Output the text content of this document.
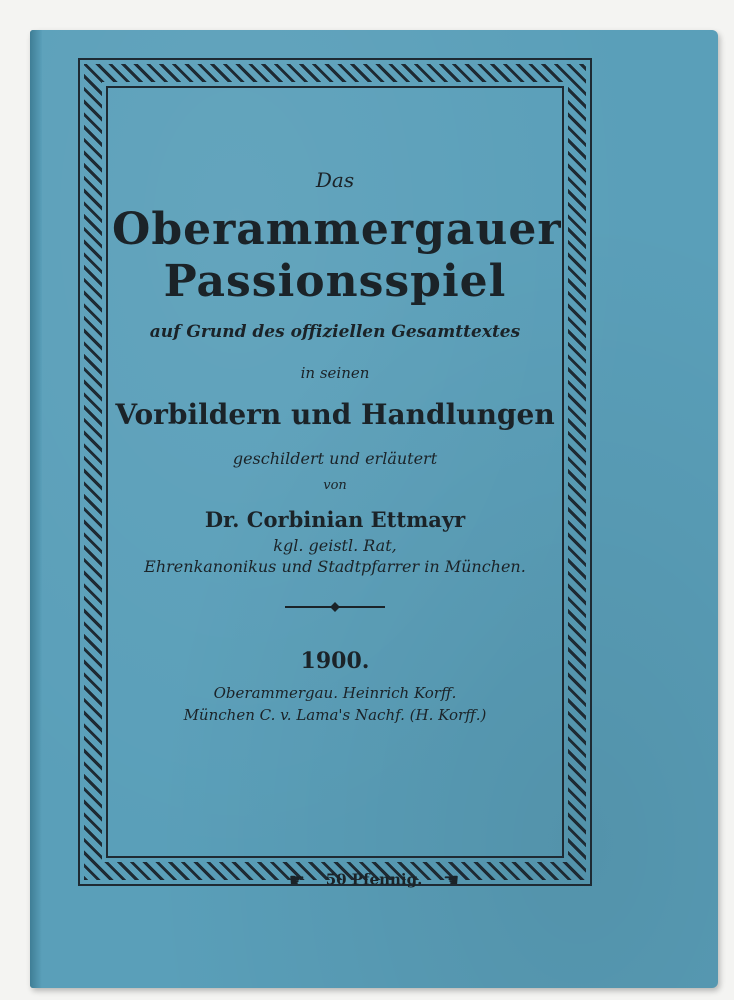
Das
Oberammergauer
Passionsspiel
auf Grund des offiziellen Gesamttextes
in seinen
Vorbildern und Handlungen
geschildert und erläutert
von
Dr. Corbinian Ettmayr
kgl. geistl. Rat,
Ehrenkanonikus und Stadtpfarrer in München.
1900.
Oberammergau. Heinrich Korff.
München C. v. Lama's Nachf. (H. Korff.)
☛ 50 Pfennig. ☚
